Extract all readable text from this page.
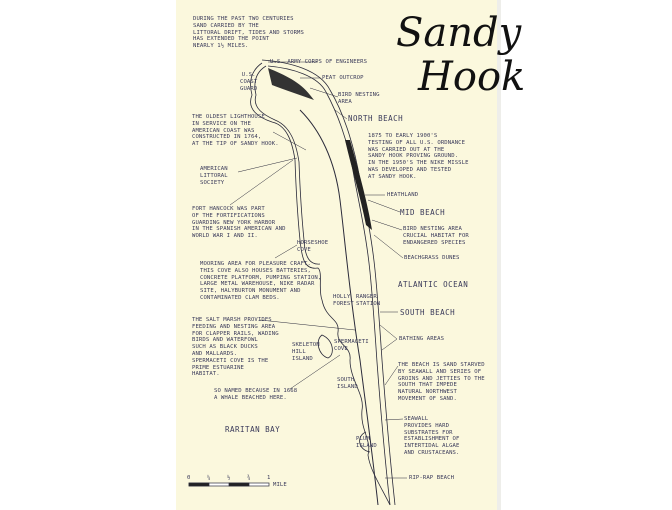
Sandy
Hook
DURING THE PAST TWO CENTURIES
SAND CARRIED BY THE
LITTORAL DRIFT, TIDES AND STORMS
HAS EXTENDED THE POINT
NEARLY 1½ MILES.
U.S. ARMY CORPS OF ENGINEERS
U.S.
COAST
GUARD
PEAT OUTCROP
BIRD NESTING
AREA
NORTH BEACH
THE OLDEST LIGHTHOUSE
IN SERVICE ON THE
AMERICAN COAST WAS
CONSTRUCTED IN 1764,
AT THE TIP OF SANDY HOOK.
AMERICAN
LITTORAL
SOCIETY
FORT HANCOCK WAS PART
OF THE FORTIFICATIONS
GUARDING NEW YORK HARBOR
IN THE SPANISH AMERICAN AND
WORLD WAR I AND II.
1875 TO EARLY 1900'S
TESTING OF ALL U.S. ORDNANCE
WAS CARRIED OUT AT THE
SANDY HOOK PROVING GROUND.
IN THE 1950'S THE NIKE MISSLE
WAS DEVELOPED AND TESTED
AT SANDY HOOK.
HEATHLAND
MID BEACH
BIRD NESTING AREA
CRUCIAL HABITAT FOR
ENDANGERED SPECIES
BEACHGRASS DUNES
HORSESHOE
COVE
MOORING AREA FOR PLEASURE CRAFT.
THIS COVE ALSO HOUSES BATTERIES,
CONCRETE PLATFORM, PUMPING STATION,
LARGE METAL WAREHOUSE, NIKE RADAR
SITE, HALYBURTON MONUMENT AND
CONTAMINATED CLAM BEDS.
ATLANTIC OCEAN
HOLLY
FOREST
RANGER
STATION
SOUTH BEACH
BATHING AREAS
THE SALT MARSH PROVIDES
FEEDING AND NESTING AREA
FOR CLAPPER RAILS, WADING
BIRDS AND WATERFOWL
SUCH AS BLACK DUCKS
AND MALLARDS.
SPERMACETI COVE IS THE
PRIME ESTUARINE
HABITAT.
SKELETON
HILL
ISLAND
SPERMACETI
COVE
SOUTH
ISLAND
THE BEACH IS SAND STARVED
BY SEAWALL AND SERIES OF
GROINS AND JETTIES TO THE
SOUTH THAT IMPEDE
NATURAL NORTHWEST
MOVEMENT OF SAND.
SO NAMED BECAUSE IN 1668
A WHALE BEACHED HERE.
RARITAN BAY
SEAWALL
PROVIDES HARD
SUBSTRATES FOR
ESTABLISHMENT OF
INTERTIDAL ALGAE
AND CRUSTACEANS.
PLUM
ISLAND
RIP-RAP BEACH
0	¼	½	¾	1
MILE
